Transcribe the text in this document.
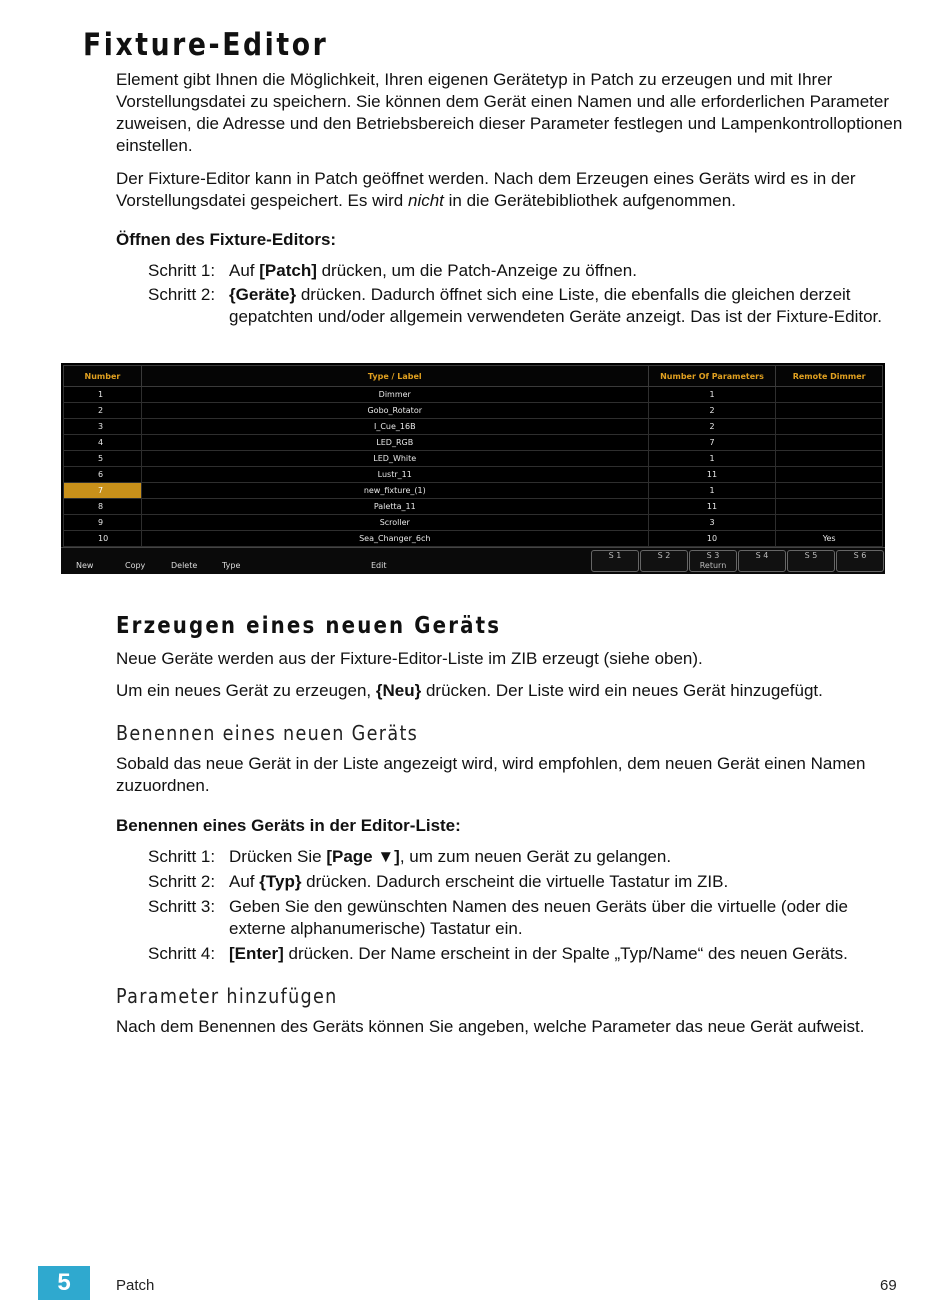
Fixture-Editor

Element gibt Ihnen die Möglichkeit, Ihren eigenen Gerätetyp in Patch zu erzeugen und mit Ihrer Vorstellungsdatei zu speichern. Sie können dem Gerät einen Namen und alle erforderlichen Parameter zuweisen, die Adresse und den Betriebsbereich dieser Parameter festlegen und Lampenkontrolloptionen einstellen.

Der Fixture-Editor kann in Patch geöffnet werden. Nach dem Erzeugen eines Geräts wird es in der Vorstellungsdatei gespeichert. Es wird nicht in die Gerätebibliothek aufgenommen.

Öffnen des Fixture-Editors:

Schritt 1: Auf [Patch] drücken, um die Patch-Anzeige zu öffnen.
Schritt 2: {Geräte} drücken. Dadurch öffnet sich eine Liste, die ebenfalls die gleichen derzeit gepatchten und/oder allgemein verwendeten Geräte anzeigt. Das ist der Fixture-Editor.
Number	Type / Label	Number Of Parameters	Remote Dimmer
1	Dimmer	1	
2	Gobo_Rotator	2	
3	I_Cue_16B	2	
4	LED_RGB	7	
5	LED_White	1	
6	Lustr_11	11	
7	new_fixture_(1)	1	
8	Paletta_11	11	
9	Scroller	3	
10	Sea_Changer_6ch	10	Yes
New	Copy	Delete	Type	Edit
S 1	S 2	S 3
Return
S 4	S 5	S 6
Erzeugen eines neuen Geräts

Neue Geräte werden aus der Fixture-Editor-Liste im ZIB erzeugt (siehe oben).

Um ein neues Gerät zu erzeugen, {Neu} drücken. Der Liste wird ein neues Gerät hinzugefügt.

Benennen eines neuen Geräts

Sobald das neue Gerät in der Liste angezeigt wird, wird empfohlen, dem neuen Gerät einen Namen zuzuordnen.

Benennen eines Geräts in der Editor-Liste:

Schritt 1: Drücken Sie [Page ▼], um zum neuen Gerät zu gelangen.
Schritt 2: Auf {Typ} drücken. Dadurch erscheint die virtuelle Tastatur im ZIB.
Schritt 3: Geben Sie den gewünschten Namen des neuen Geräts über die virtuelle (oder die externe alphanumerische) Tastatur ein.
Schritt 4: [Enter] drücken. Der Name erscheint in der Spalte „Typ/Name“ des neuen Geräts.
Parameter hinzufügen

Nach dem Benennen des Geräts können Sie angeben, welche Parameter das neue Gerät aufweist.

5	Patch	69
